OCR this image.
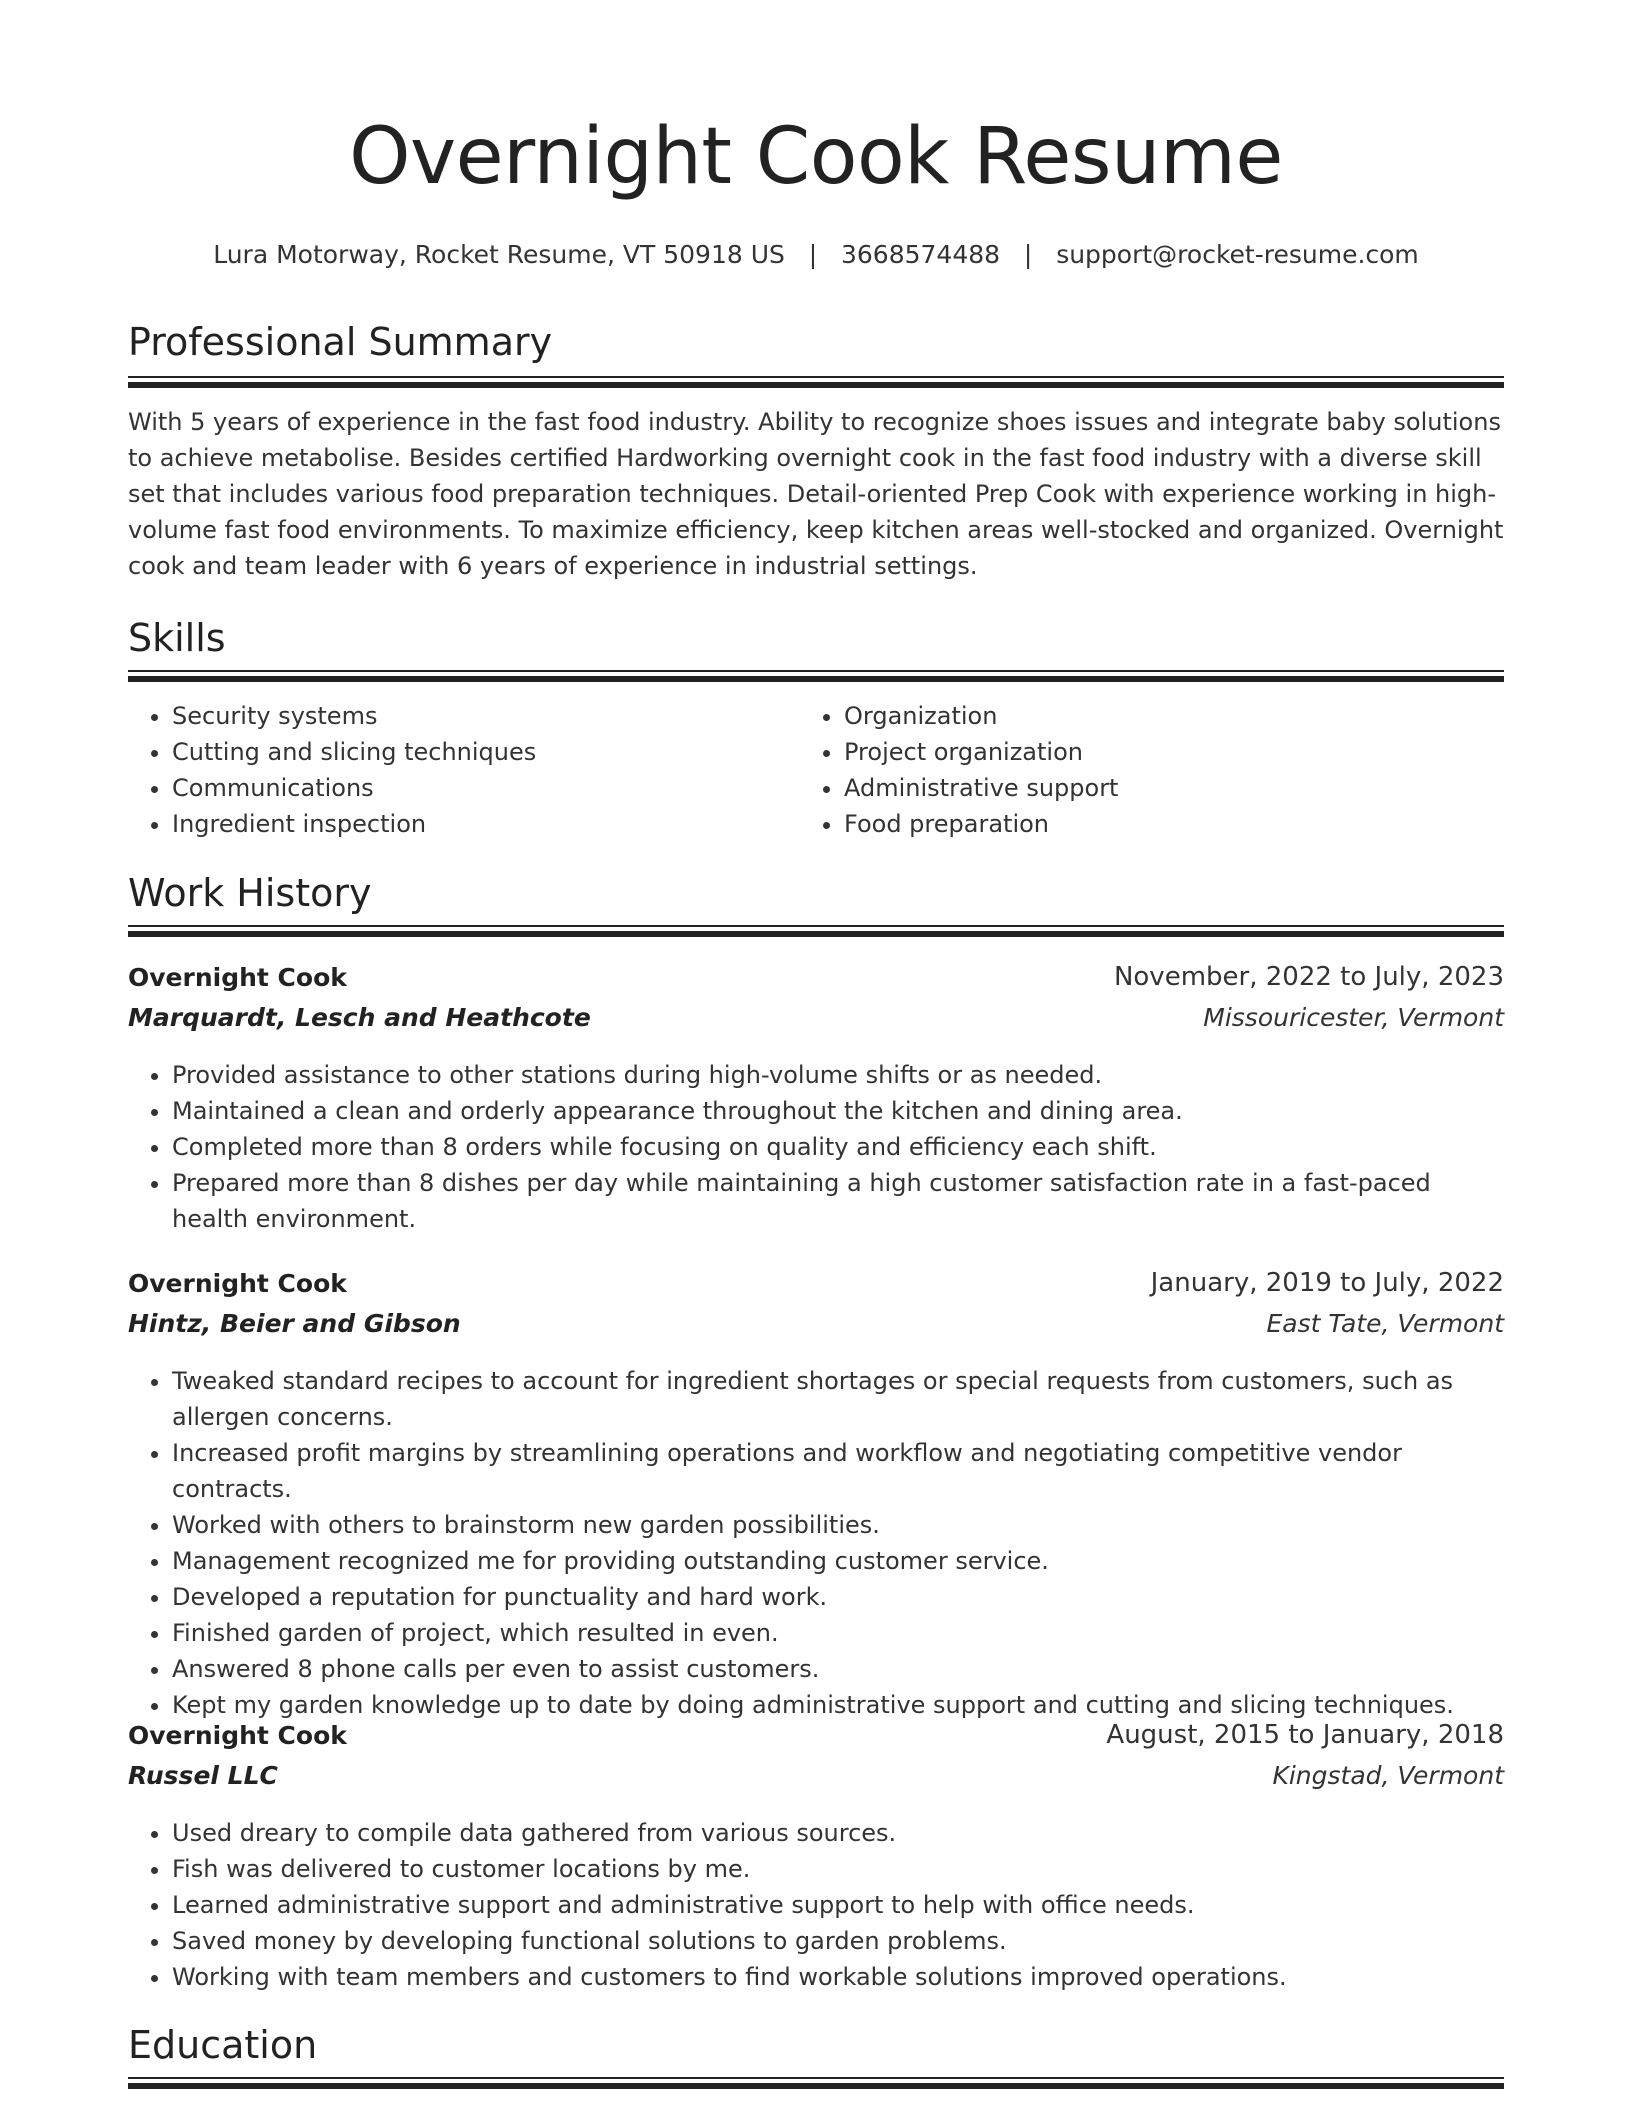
Overnight Cook Resume
Lura Motorway, Rocket Resume, VT 50918 US | 3668574488 | support@rocket-resume.com
Professional Summary

With 5 years of experience in the fast food industry. Ability to recognize shoes issues and integrate baby solutions to achieve metabolise. Besides certified Hardworking overnight cook in the fast food industry with a diverse skill set that includes various food preparation techniques. Detail-oriented Prep Cook with experience working in high-volume fast food environments. To maximize efficiency, keep kitchen areas well-stocked and organized. Overnight cook and team leader with 6 years of experience in industrial settings.

Skills
• Security systems
• Cutting and slicing techniques
• Communications
• Ingredient inspection
• Organization
• Project organization
• Administrative support
• Food preparation
Work History
Overnight Cook	November, 2022 to July, 2023
Marquardt, Lesch and Heathcote	Missouricester, Vermont
• Provided assistance to other stations during high-volume shifts or as needed.
• Maintained a clean and orderly appearance throughout the kitchen and dining area.
• Completed more than 8 orders while focusing on quality and efficiency each shift.
• Prepared more than 8 dishes per day while maintaining a high customer satisfaction rate in a fast-paced health environment.
Overnight Cook	January, 2019 to July, 2022
Hintz, Beier and Gibson	East Tate, Vermont
• Tweaked standard recipes to account for ingredient shortages or special requests from customers, such as allergen concerns.
• Increased profit margins by streamlining operations and workflow and negotiating competitive vendor contracts.
• Worked with others to brainstorm new garden possibilities.
• Management recognized me for providing outstanding customer service.
• Developed a reputation for punctuality and hard work.
• Finished garden of project, which resulted in even.
• Answered 8 phone calls per even to assist customers.
• Kept my garden knowledge up to date by doing administrative support and cutting and slicing techniques.
Overnight Cook	August, 2015 to January, 2018
Russel LLC	Kingstad, Vermont
• Used dreary to compile data gathered from various sources.
• Fish was delivered to customer locations by me.
• Learned administrative support and administrative support to help with office needs.
• Saved money by developing functional solutions to garden problems.
• Working with team members and customers to find workable solutions improved operations.
Education
